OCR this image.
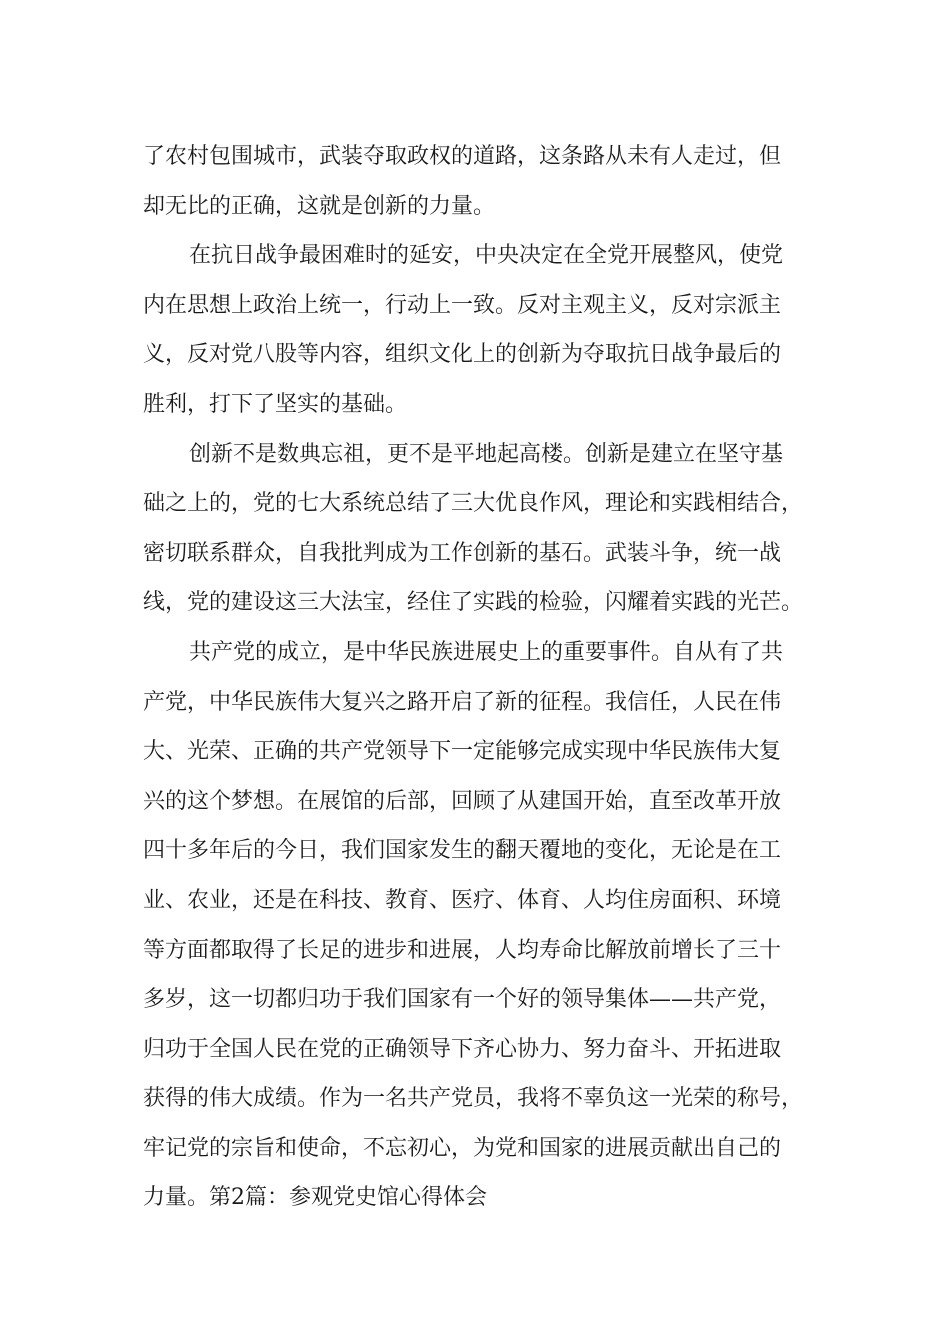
了农村包围城市，武装夺取政权的道路，这条路从未有人走过，但
却无比的正确，这就是创新的力量。
在抗日战争最困难时的延安，中央决定在全党开展整风，使党
内在思想上政治上统一，行动上一致。反对主观主义，反对宗派主
义，反对党八股等内容，组织文化上的创新为夺取抗日战争最后的
胜利，打下了坚实的基础。
创新不是数典忘祖，更不是平地起高楼。创新是建立在坚守基
础之上的，党的七大系统总结了三大优良作风，理论和实践相结合，
密切联系群众，自我批判成为工作创新的基石。武装斗争，统一战
线，党的建设这三大法宝，经住了实践的检验，闪耀着实践的光芒。
共产党的成立，是中华民族进展史上的重要事件。自从有了共
产党，中华民族伟大复兴之路开启了新的征程。我信任，人民在伟
大、光荣、正确的共产党领导下一定能够完成实现中华民族伟大复
兴的这个梦想。在展馆的后部，回顾了从建国开始，直至改革开放
四十多年后的今日，我们国家发生的翻天覆地的变化，无论是在工
业、农业，还是在科技、教育、医疗、体育、人均住房面积、环境
等方面都取得了长足的进步和进展，人均寿命比解放前增长了三十
多岁，这一切都归功于我们国家有一个好的领导集体——共产党，
归功于全国人民在党的正确领导下齐心协力、努力奋斗、开拓进取
获得的伟大成绩。作为一名共产党员，我将不辜负这一光荣的称号，
牢记党的宗旨和使命，不忘初心，为党和国家的进展贡献出自己的
力量。第2篇：参观党史馆心得体会
